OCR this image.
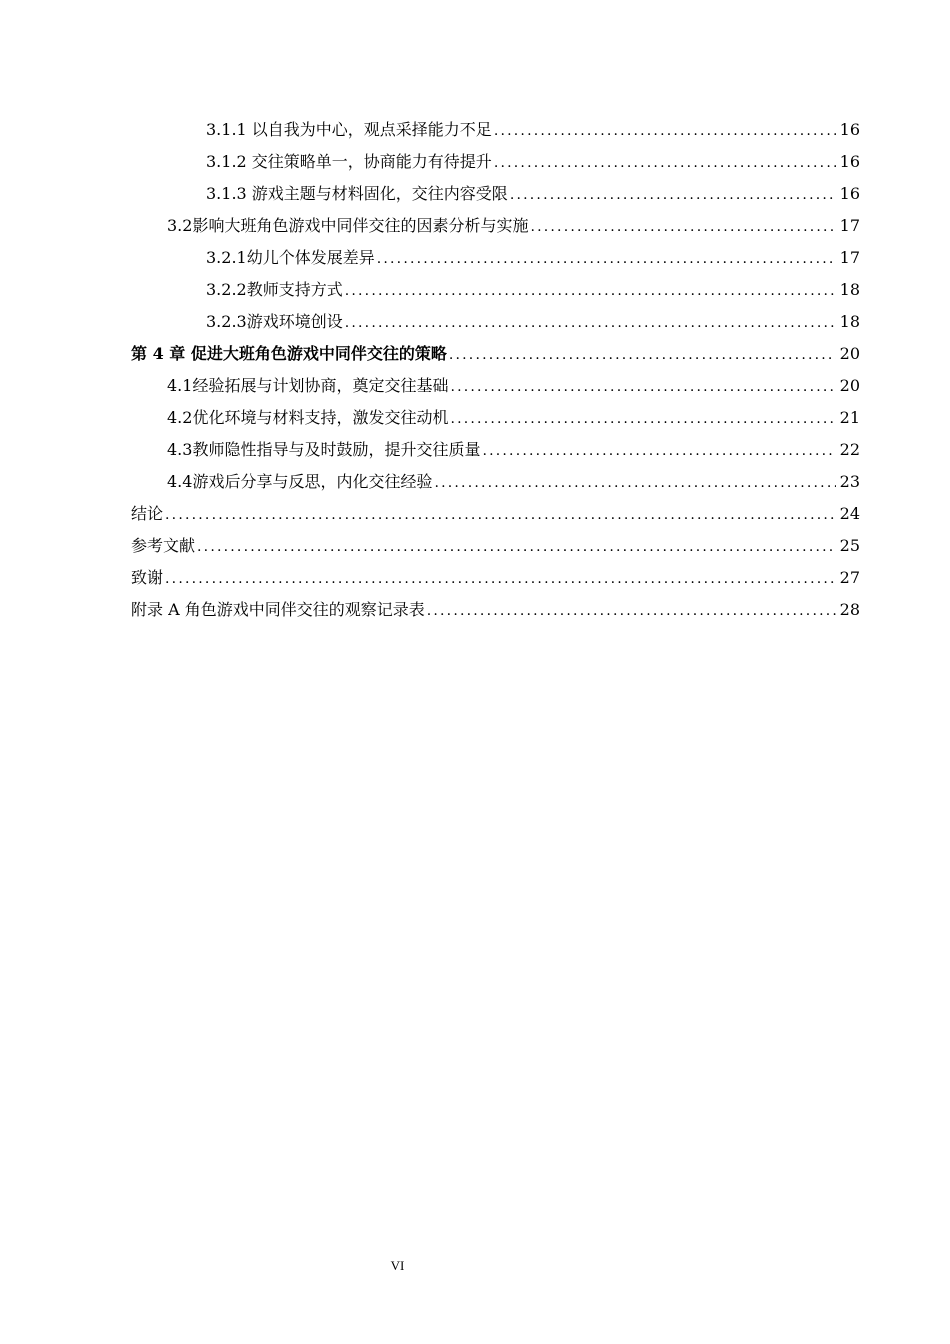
3.1.1 以自我为中心，观点采择能力不足 .....	16
3.1.2 交往策略单一，协商能力有待提升 .....	16
3.1.3 游戏主题与材料固化，交往内容受限 .....	16
3.2影响大班角色游戏中同伴交往的因素分析与实施 .....	17
3.2.1幼儿个体发展差异 .....	17
3.2.2教师支持方式 .....	18
3.2.3游戏环境创设 .....	18
第 4 章 促进大班角色游戏中同伴交往的策略 .....	20
4.1经验拓展与计划协商，奠定交往基础 .....	20
4.2优化环境与材料支持，激发交往动机 .....	21
4.3教师隐性指导与及时鼓励，提升交往质量 .....	22
4.4游戏后分享与反思，内化交往经验 .....	23
结论 .....	24
参考文献 .....	25
致谢 .....	27
附录 A 角色游戏中同伴交往的观察记录表 .....	28
VI
